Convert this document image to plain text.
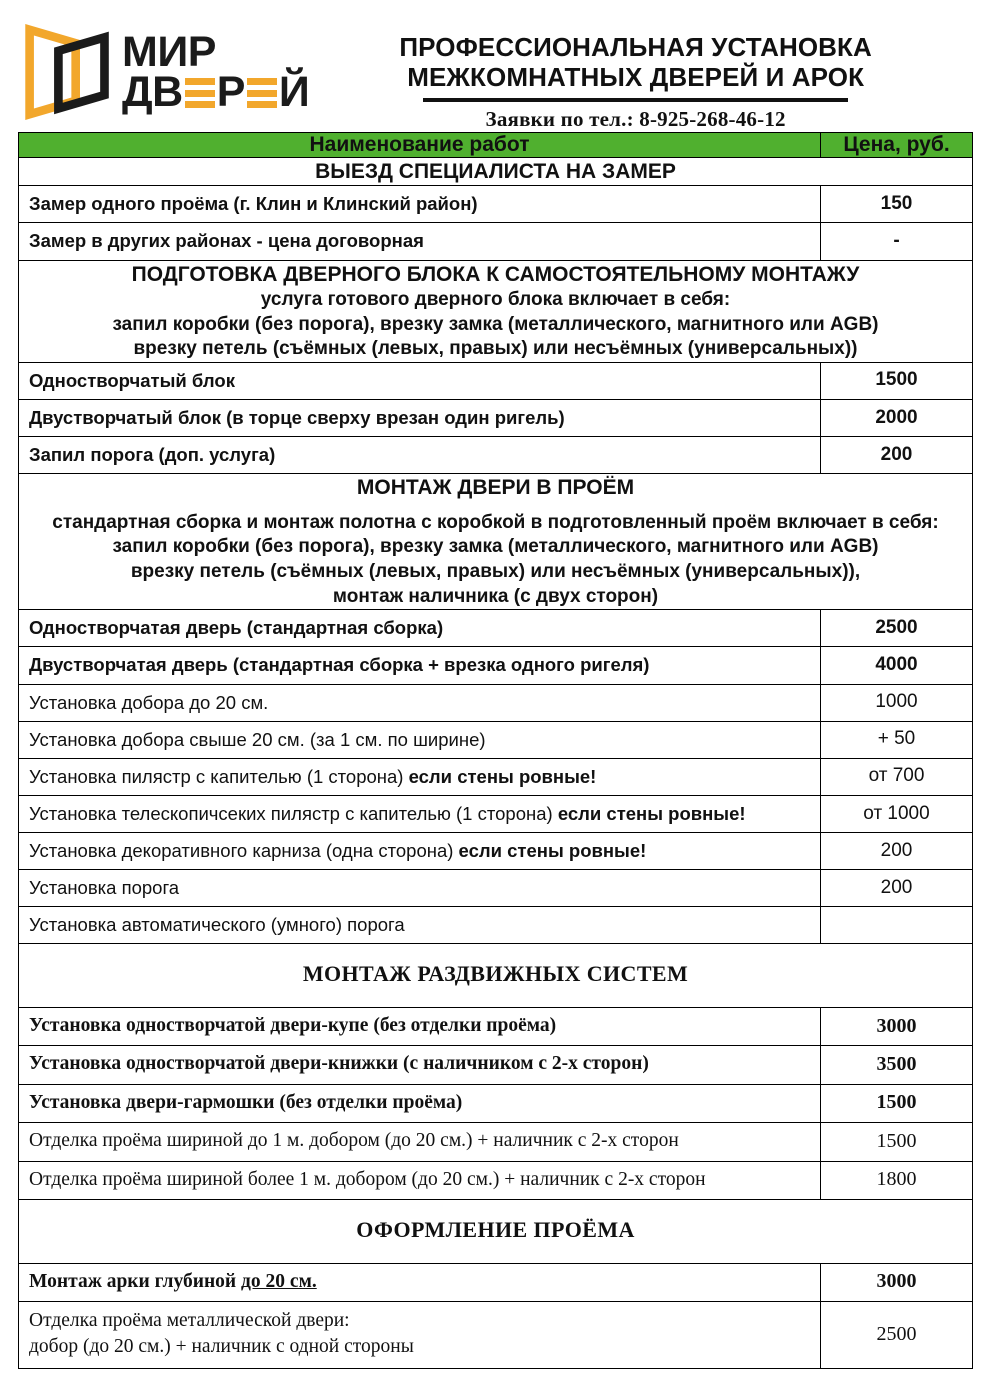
МИР
ДВ Р Й
ПРОФЕССИОНАЛЬНАЯ УСТАНОВКА
МЕЖКОМНАТНЫХ ДВЕРЕЙ И АРОК
Заявки по тел.: 8-925-268-46-12
Наименование работ	Цена, руб.

ВЫЕЗД СПЕЦИАЛИСТА НА ЗАМЕР	

Замер одного проёма (г. Клин и Клинский район)	150
Замер в других районах - цена договорная	-

ПОДГОТОВКА ДВЕРНОГО БЛОКА К САМОСТОЯТЕЛЬНОМУ МОНТАЖУ
услуга готового дверного блока включает в себя:
запил коробки (без порога), врезку замка (металлического, магнитного или AGB)
врезку петель (съёмных (левых, правых) или несъёмных (универсальных))	

Одностворчатый блок	1500
Двустворчатый блок (в торце сверху врезан один ригель)	2000
Запил порога (доп. услуга)	200

МОНТАЖ ДВЕРИ В ПРОЁМ
стандартная сборка и монтаж полотна с коробкой в подготовленный проём включает в себя:
запил коробки (без порога), врезку замка (металлического, магнитного или AGB)
врезку петель (съёмных (левых, правых) или несъёмных (универсальных)),
монтаж наличника (с двух сторон)	

Одностворчатая дверь (стандартная сборка)	2500
Двустворчатая дверь (стандартная сборка + врезка одного ригеля)	4000
Установка добора до 20 см.	1000
Установка добора свыше 20 см. (за 1 см. по ширине)	+ 50
Установка пилястр с капителью (1 сторона) если стены ровные!	от 700
Установка телескопичсеких пилястр с капителью (1 сторона) если стены ровные!	от 1000
Установка декоративного карниза (одна сторона) если стены ровные!	200
Установка порога	200
Установка автоматического (умного) порога	

МОНТАЖ РАЗДВИЖНЫХ СИСТЕМ	

Установка одностворчатой двери-купе (без отделки проёма)	3000
Установка одностворчатой двери-книжки (с наличником с 2-х сторон)	3500
Установка двери-гармошки (без отделки проёма)	1500
Отделка проёма шириной до 1 м. добором (до 20 см.) + наличник с 2-х сторон	1500
Отделка проёма шириной более 1 м. добором (до 20 см.) + наличник с 2-х сторон	1800

ОФОРМЛЕНИЕ ПРОЁМА	

Монтаж арки глубиной до 20 см.	3000

Отделка проёма металлической двери:
добор (до 20 см.) + наличник с одной стороны	2500
